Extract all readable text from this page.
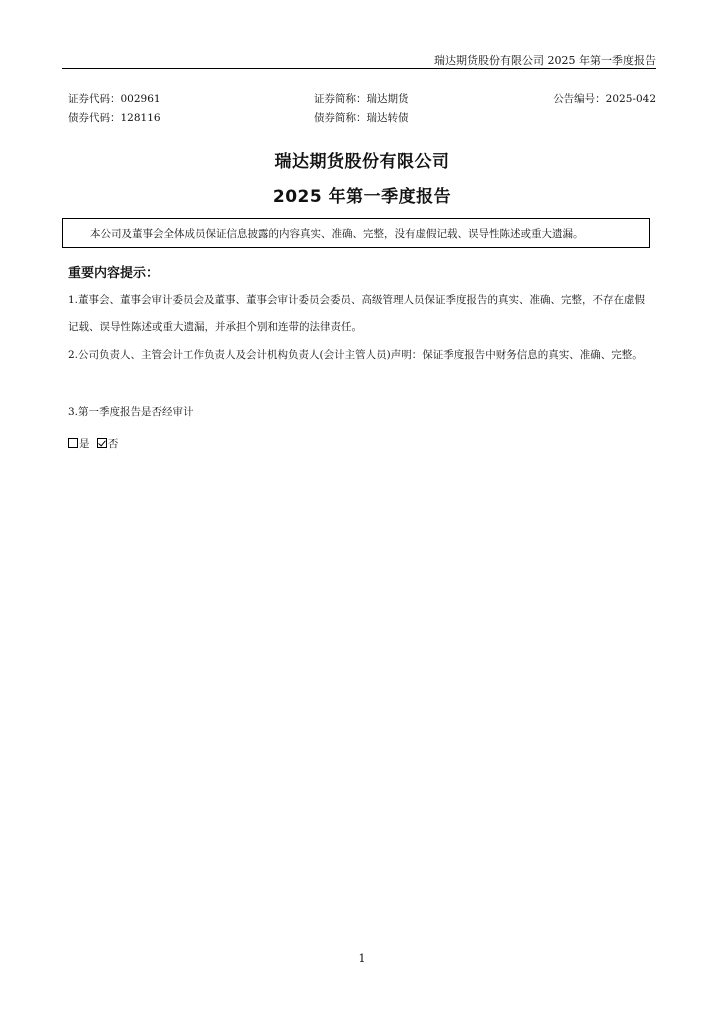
瑞达期货股份有限公司 2025 年第一季度报告
证券代码：002961	证券简称：瑞达期货	公告编号：2025-042
债券代码：128116	债券简称：瑞达转债
瑞达期货股份有限公司
2025 年第一季度报告
本公司及董事会全体成员保证信息披露的内容真实、准确、完整，没有虚假记载、误导性陈述或重大遗漏。
重要内容提示：
1.董事会、董事会审计委员会及董事、董事会审计委员会委员、高级管理人员保证季度报告的真实、准确、完整，不存在虚假记载、误导性陈述或重大遗漏，并承担个别和连带的法律责任。
2.公司负责人、主管会计工作负责人及会计机构负责人(会计主管人员)声明：保证季度报告中财务信息的真实、准确、完整。
3.第一季度报告是否经审计
是 否
1
